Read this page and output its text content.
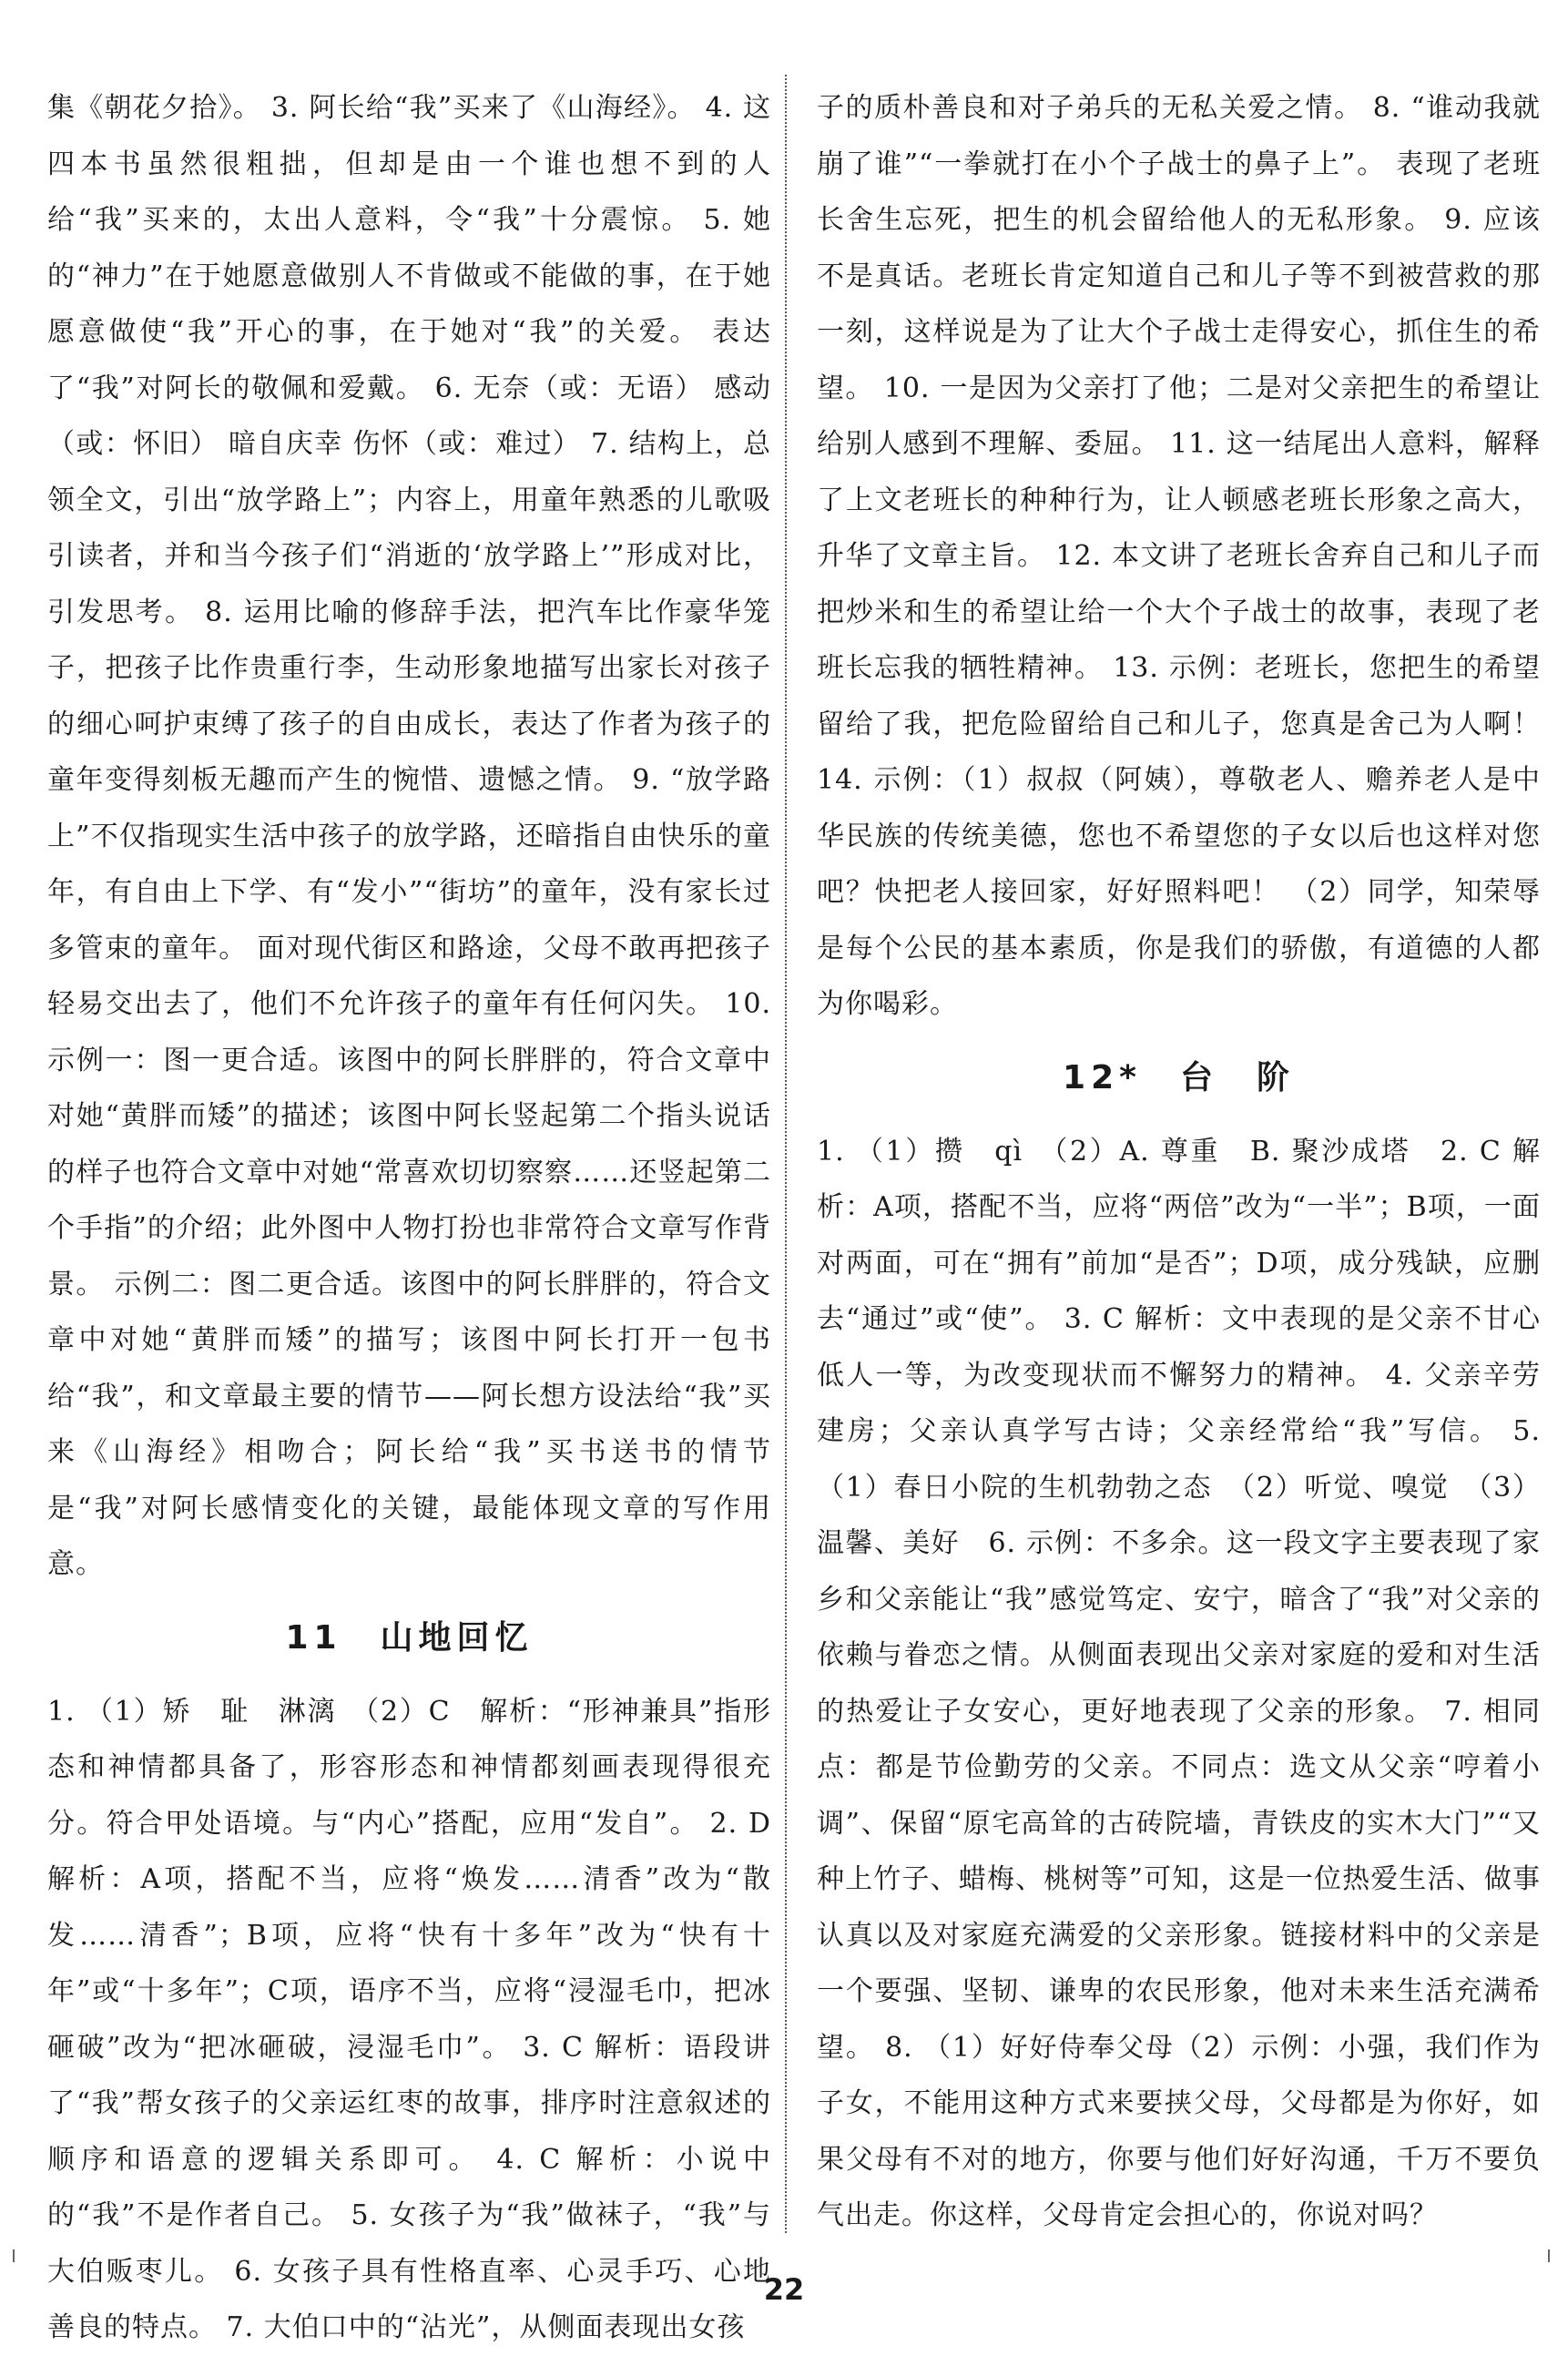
集《朝花夕拾》。 3. 阿长给“我”买来了《山海经》。 4. 这四本书虽然很粗拙，但却是由一个谁也想不到的人给“我”买来的，太出人意料，令“我”十分震惊。 5. 她的“神力”在于她愿意做别人不肯做或不能做的事，在于她愿意做使“我”开心的事，在于她对“我”的关爱。 表达了“我”对阿长的敬佩和爱戴。 6. 无奈（或：无语） 感动（或：怀旧） 暗自庆幸 伤怀（或：难过） 7. 结构上，总领全文，引出“放学路上”；内容上，用童年熟悉的儿歌吸引读者，并和当今孩子们“消逝的‘放学路上’”形成对比，引发思考。 8. 运用比喻的修辞手法，把汽车比作豪华笼子，把孩子比作贵重行李，生动形象地描写出家长对孩子的细心呵护束缚了孩子的自由成长，表达了作者为孩子的童年变得刻板无趣而产生的惋惜、遗憾之情。 9. “放学路上”不仅指现实生活中孩子的放学路，还暗指自由快乐的童年，有自由上下学、有“发小”“街坊”的童年，没有家长过多管束的童年。 面对现代街区和路途，父母不敢再把孩子轻易交出去了，他们不允许孩子的童年有任何闪失。 10. 示例一：图一更合适。该图中的阿长胖胖的，符合文章中对她“黄胖而矮”的描述；该图中阿长竖起第二个指头说话的样子也符合文章中对她“常喜欢切切察察……还竖起第二个手指”的介绍；此外图中人物打扮也非常符合文章写作背景。 示例二：图二更合适。该图中的阿长胖胖的，符合文章中对她“黄胖而矮”的描写；该图中阿长打开一包书给“我”，和文章最主要的情节——阿长想方设法给“我”买来《山海经》相吻合；阿长给“我”买书送书的情节是“我”对阿长感情变化的关键，最能体现文章的写作用意。

11　山地回忆

1. （1）矫　耻　淋漓　（2）C　解析：“形神兼具”指形态和神情都具备了，形容形态和神情都刻画表现得很充分。符合甲处语境。与“内心”搭配，应用“发自”。 2. D 解析：A项，搭配不当，应将“焕发……清香”改为“散发……清香”；B项，应将“快有十多年”改为“快有十年”或“十多年”；C项，语序不当，应将“浸湿毛巾，把冰砸破”改为“把冰砸破，浸湿毛巾”。 3. C 解析：语段讲了“我”帮女孩子的父亲运红枣的故事，排序时注意叙述的顺序和语意的逻辑关系即可。 4. C 解析：小说中的“我”不是作者自己。 5. 女孩子为“我”做袜子，“我”与大伯贩枣儿。 6. 女孩子具有性格直率、心灵手巧、心地善良的特点。 7. 大伯口中的“沾光”，从侧面表现出女孩

子的质朴善良和对子弟兵的无私关爱之情。 8. “谁动我就崩了谁”“一拳就打在小个子战士的鼻子上”。 表现了老班长舍生忘死，把生的机会留给他人的无私形象。 9. 应该不是真话。老班长肯定知道自己和儿子等不到被营救的那一刻，这样说是为了让大个子战士走得安心，抓住生的希望。 10. 一是因为父亲打了他；二是对父亲把生的希望让给别人感到不理解、委屈。 11. 这一结尾出人意料，解释了上文老班长的种种行为，让人顿感老班长形象之高大，升华了文章主旨。 12. 本文讲了老班长舍弃自己和儿子而把炒米和生的希望让给一个大个子战士的故事，表现了老班长忘我的牺牲精神。 13. 示例：老班长，您把生的希望留给了我，把危险留给自己和儿子，您真是舍己为人啊！ 14. 示例：（1）叔叔（阿姨），尊敬老人、赡养老人是中华民族的传统美德，您也不希望您的子女以后也这样对您吧？快把老人接回家，好好照料吧！ （2）同学，知荣辱是每个公民的基本素质，你是我们的骄傲，有道德的人都为你喝彩。

12*　台　阶

1. （1）攒　qì　（2）A. 尊重　B. 聚沙成塔　2. C 解析：A项，搭配不当，应将“两倍”改为“一半”；B项，一面对两面，可在“拥有”前加“是否”；D项，成分残缺，应删去“通过”或“使”。 3. C 解析：文中表现的是父亲不甘心低人一等，为改变现状而不懈努力的精神。 4. 父亲辛劳建房；父亲认真学写古诗；父亲经常给“我”写信。 5. （1）春日小院的生机勃勃之态　（2）听觉、嗅觉　（3）温馨、美好　6. 示例：不多余。这一段文字主要表现了家乡和父亲能让“我”感觉笃定、安宁，暗含了“我”对父亲的依赖与眷恋之情。从侧面表现出父亲对家庭的爱和对生活的热爱让子女安心，更好地表现了父亲的形象。 7. 相同点：都是节俭勤劳的父亲。不同点：选文从父亲“哼着小调”、保留“原宅高耸的古砖院墙，青铁皮的实木大门”“又种上竹子、蜡梅、桃树等”可知，这是一位热爱生活、做事认真以及对家庭充满爱的父亲形象。链接材料中的父亲是一个要强、坚韧、谦卑的农民形象，他对未来生活充满希望。 8. （1）好好侍奉父母（2）示例：小强，我们作为子女，不能用这种方式来要挟父母，父母都是为你好，如果父母有不对的地方，你要与他们好好沟通，千万不要负气出走。你这样，父母肯定会担心的，你说对吗？

22
